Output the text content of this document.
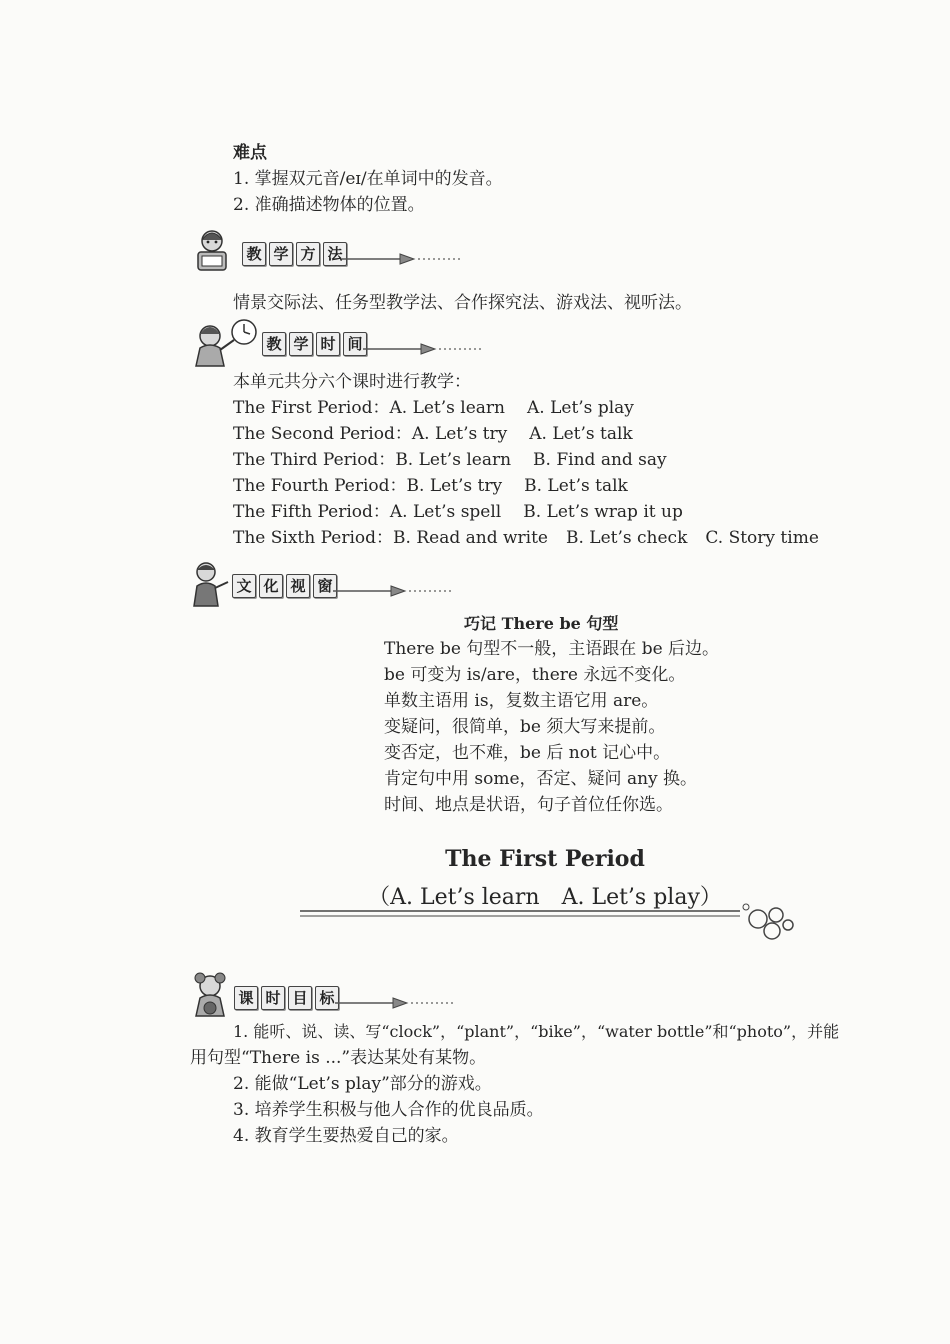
难点
1. 掌握双元音/eɪ/在单词中的发音。
2. 准确描述物体的位置。
教 学 方 法
情景交际法、任务型教学法、合作探究法、游戏法、视听法。
教 学 时 间
本单元共分六个课时进行教学：
The First Period：A. Let’s learn A. Let’s play
The Second Period：A. Let’s try A. Let’s talk
The Third Period：B. Let’s learn B. Find and say
The Fourth Period：B. Let’s try B. Let’s talk
The Fifth Period：A. Let’s spell B. Let’s wrap it up
The Sixth Period：B. Read and write B. Let’s check C. Story time
文 化 视 窗
巧记 There be 句型
There be 句型不一般，主语跟在 be 后边。
be 可变为 is/are，there 永远不变化。
单数主语用 is，复数主语它用 are。
变疑问，很简单，be 须大写来提前。
变否定，也不难，be 后 not 记心中。
肯定句中用 some，否定、疑问 any 换。
时间、地点是状语，句子首位任你选。
The First Period
（A. Let’s learn　A. Let’s play）
课 时 目 标
1. 能听、说、读、写“clock”，“plant”，“bike”，“water bottle”和“photo”，并能
用句型“There is ...”表达某处有某物。
2. 能做“Let’s play”部分的游戏。
3. 培养学生积极与他人合作的优良品质。
4. 教育学生要热爱自己的家。
